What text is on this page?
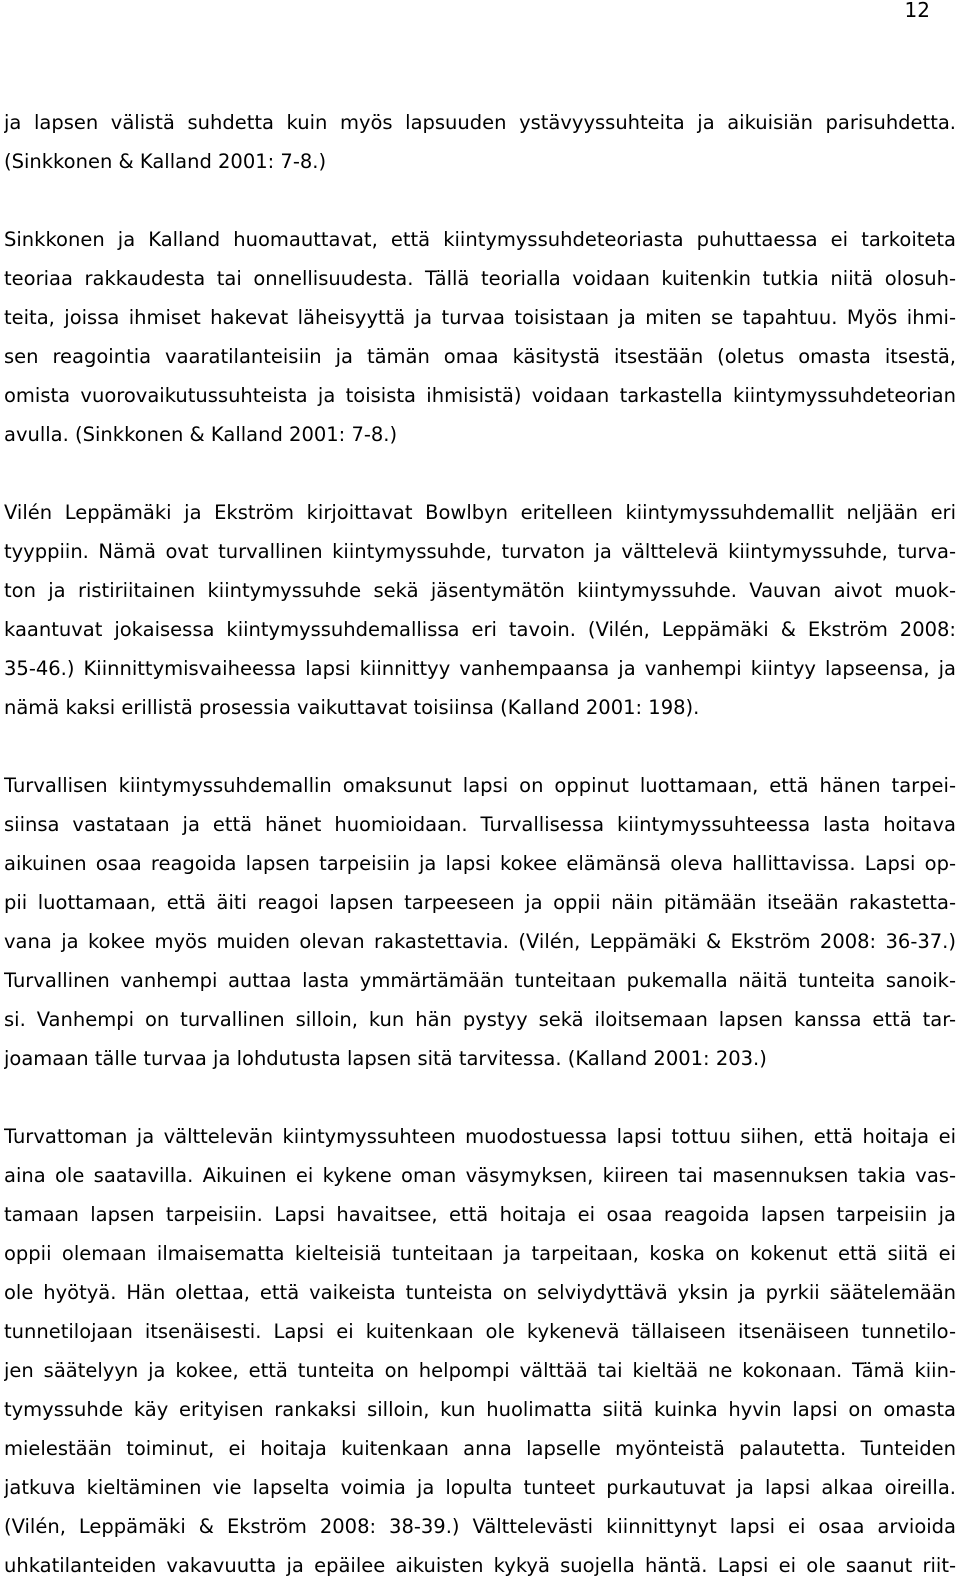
12
ja lapsen välistä suhdetta kuin myös lapsuuden ystävyyssuhteita ja aikuisiän parisuhdetta.
(Sinkkonen & Kalland 2001: 7-8.)
Sinkkonen ja Kalland huomauttavat, että kiintymyssuhdeteoriasta puhuttaessa ei tarkoiteta
teoriaa rakkaudesta tai onnellisuudesta. Tällä teorialla voidaan kuitenkin tutkia niitä olosuh-
teita, joissa ihmiset hakevat läheisyyttä ja turvaa toisistaan ja miten se tapahtuu. Myös ihmi-
sen reagointia vaaratilanteisiin ja tämän omaa käsitystä itsestään (oletus omasta itsestä,
omista vuorovaikutussuhteista ja toisista ihmisistä) voidaan tarkastella kiintymyssuhdeteorian
avulla. (Sinkkonen & Kalland 2001: 7-8.)
Vilén Leppämäki ja Ekström kirjoittavat Bowlbyn eritelleen kiintymyssuhdemallit neljään eri
tyyppiin. Nämä ovat turvallinen kiintymyssuhde, turvaton ja välttelevä kiintymyssuhde, turva-
ton ja ristiriitainen kiintymyssuhde sekä jäsentymätön kiintymyssuhde. Vauvan aivot muok-
kaantuvat jokaisessa kiintymyssuhdemallissa eri tavoin. (Vilén, Leppämäki & Ekström 2008:
35-46.) Kiinnittymisvaiheessa lapsi kiinnittyy vanhempaansa ja vanhempi kiintyy lapseensa, ja
nämä kaksi erillistä prosessia vaikuttavat toisiinsa (Kalland 2001: 198).
Turvallisen kiintymyssuhdemallin omaksunut lapsi on oppinut luottamaan, että hänen tarpei-
siinsa vastataan ja että hänet huomioidaan. Turvallisessa kiintymyssuhteessa lasta hoitava
aikuinen osaa reagoida lapsen tarpeisiin ja lapsi kokee elämänsä oleva hallittavissa. Lapsi op-
pii luottamaan, että äiti reagoi lapsen tarpeeseen ja oppii näin pitämään itseään rakastetta-
vana ja kokee myös muiden olevan rakastettavia. (Vilén, Leppämäki & Ekström 2008: 36-37.)
Turvallinen vanhempi auttaa lasta ymmärtämään tunteitaan pukemalla näitä tunteita sanoik-
si. Vanhempi on turvallinen silloin, kun hän pystyy sekä iloitsemaan lapsen kanssa että tar-
joamaan tälle turvaa ja lohdutusta lapsen sitä tarvitessa. (Kalland 2001: 203.)
Turvattoman ja välttelevän kiintymyssuhteen muodostuessa lapsi tottuu siihen, että hoitaja ei
aina ole saatavilla. Aikuinen ei kykene oman väsymyksen, kiireen tai masennuksen takia vas-
tamaan lapsen tarpeisiin. Lapsi havaitsee, että hoitaja ei osaa reagoida lapsen tarpeisiin ja
oppii olemaan ilmaisematta kielteisiä tunteitaan ja tarpeitaan, koska on kokenut että siitä ei
ole hyötyä. Hän olettaa, että vaikeista tunteista on selviydyttävä yksin ja pyrkii säätelemään
tunnetilojaan itsenäisesti. Lapsi ei kuitenkaan ole kykenevä tällaiseen itsenäiseen tunnetilo-
jen säätelyyn ja kokee, että tunteita on helpompi välttää tai kieltää ne kokonaan. Tämä kiin-
tymyssuhde käy erityisen rankaksi silloin, kun huolimatta siitä kuinka hyvin lapsi on omasta
mielestään toiminut, ei hoitaja kuitenkaan anna lapselle myöntеistä palautetta. Tunteiden
jatkuva kieltäminen vie lapselta voimia ja lopulta tunteet purkautuvat ja lapsi alkaa oireilla.
(Vilén, Leppämäki & Ekström 2008: 38-39.) Välttelevästi kiinnittynyt lapsi ei osaa arvioida
uhkatilanteiden vakavuutta ja epäilee aikuisten kykyä suojella häntä. Lapsi ei ole saanut riit-
